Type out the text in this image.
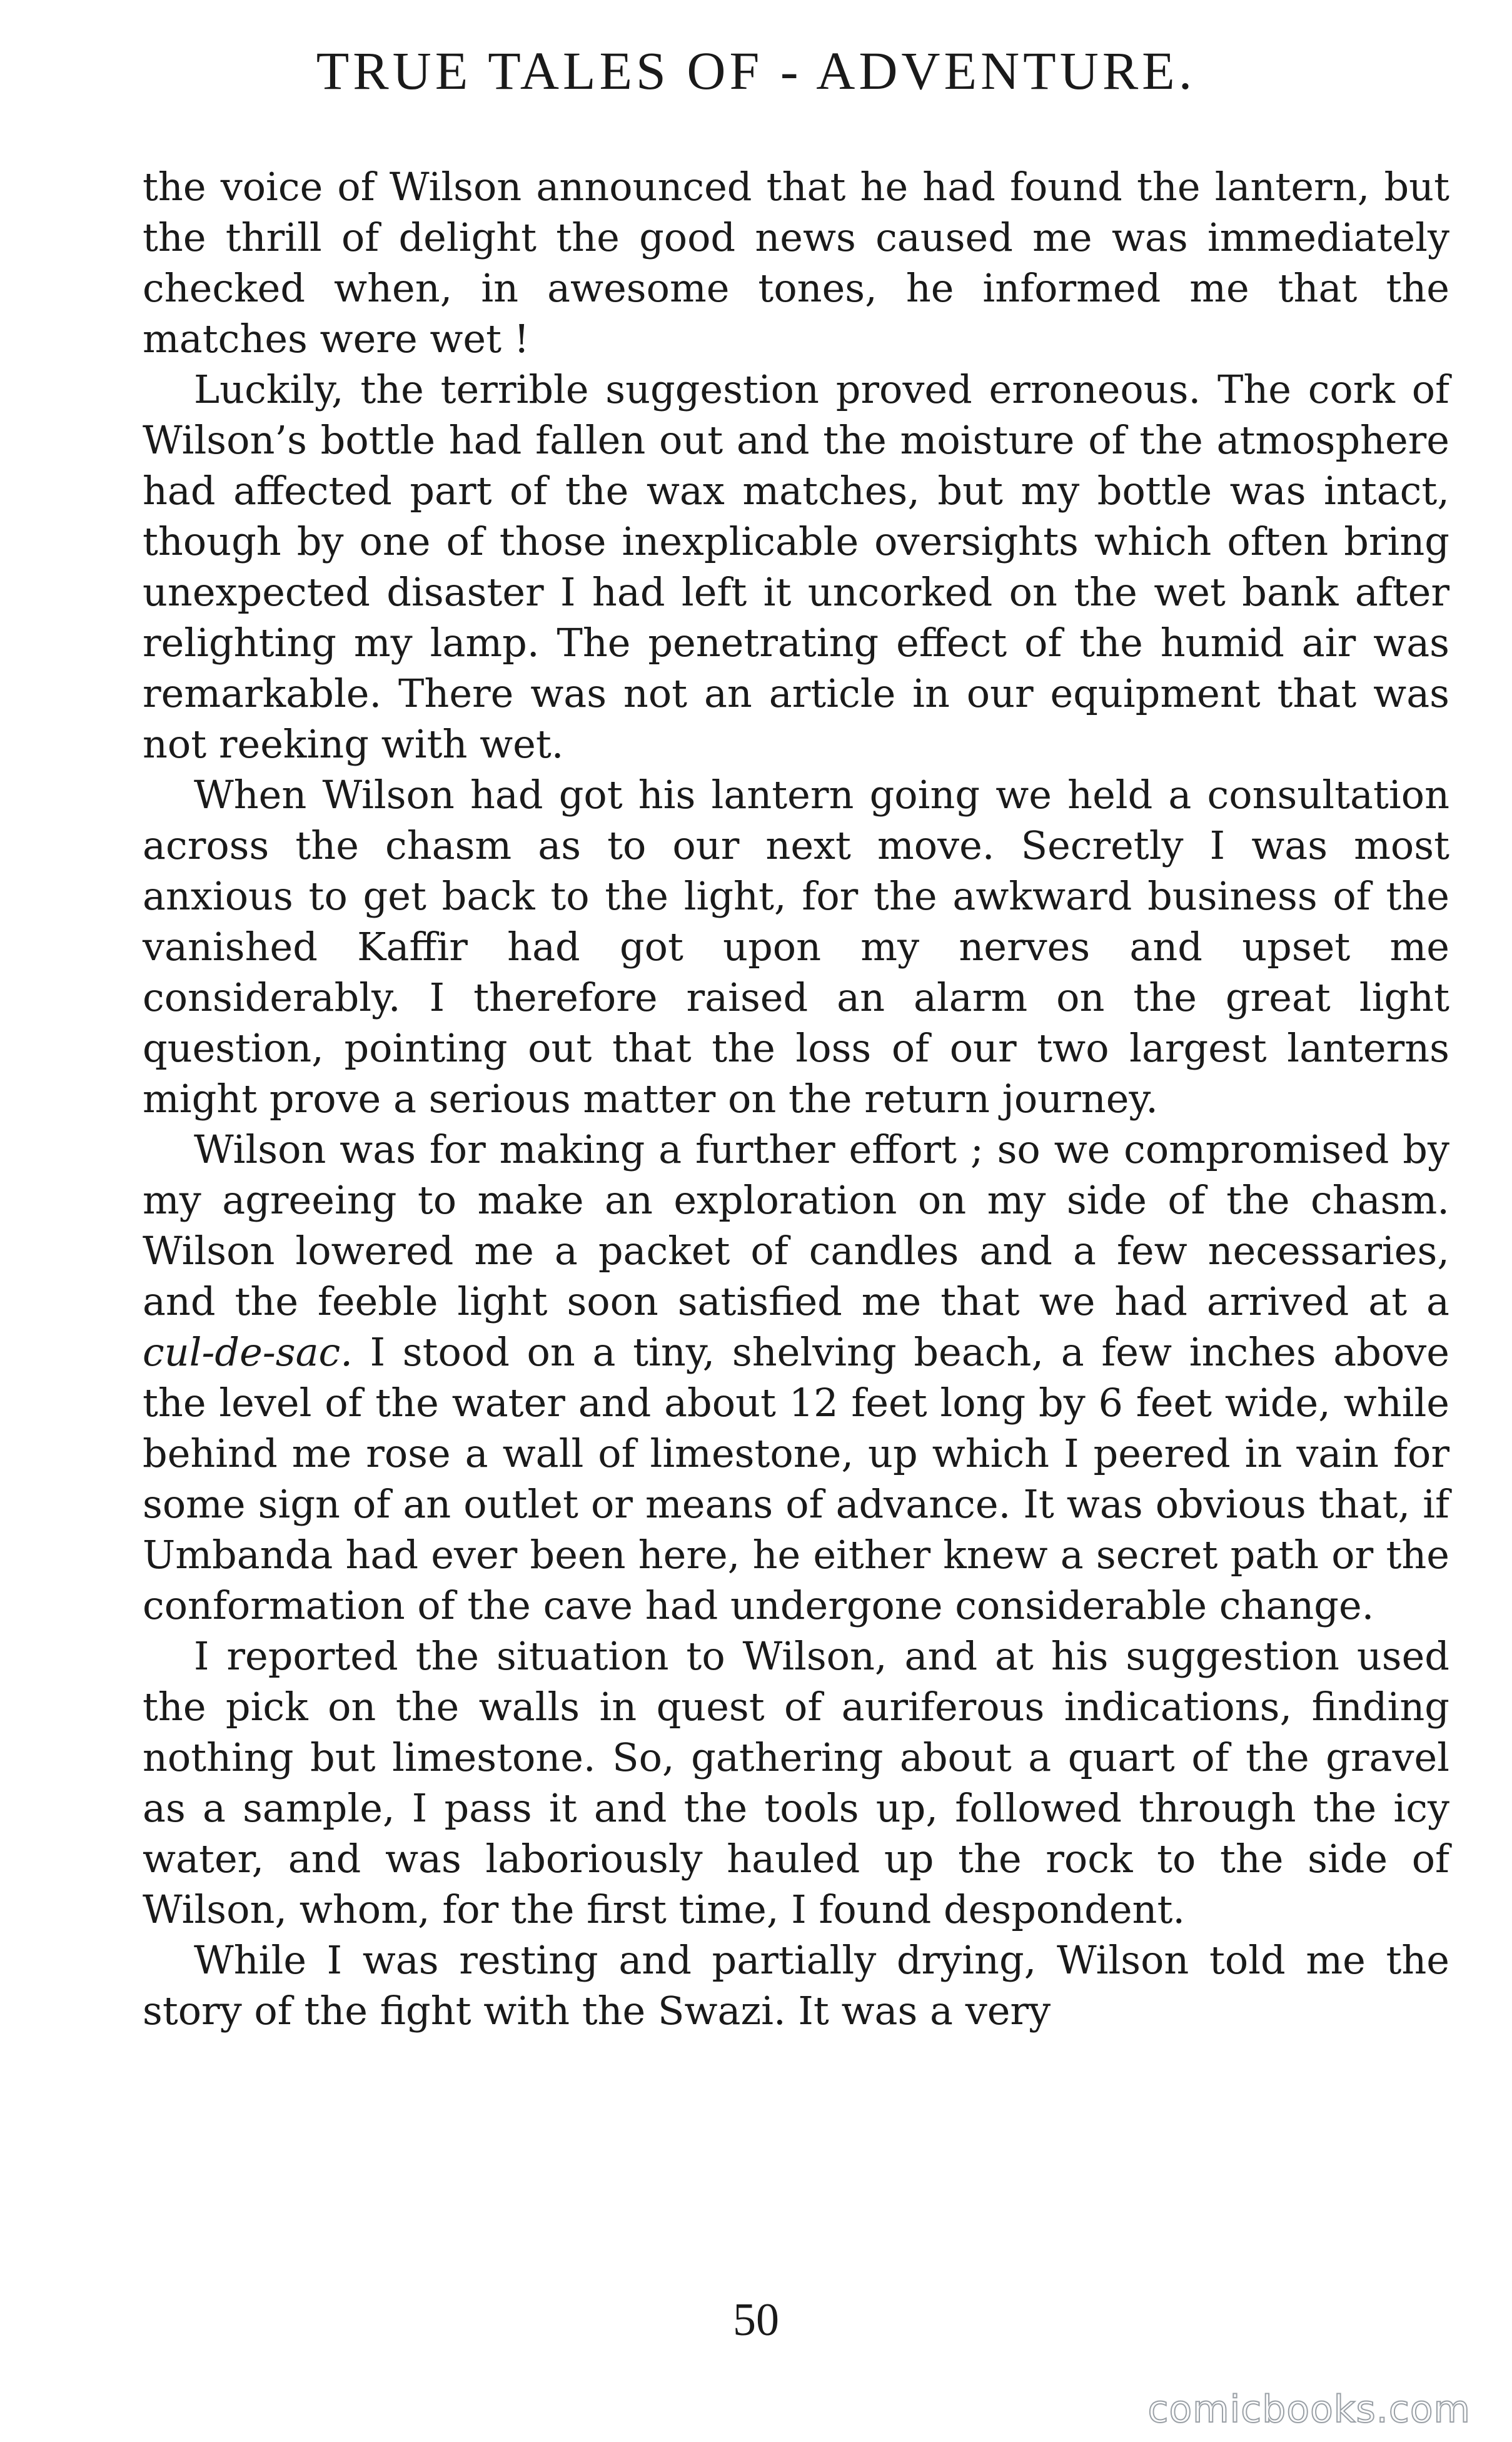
TRUE TALES OF - ADVENTURE.

the voice of Wilson announced that he had found the lantern, but the thrill of delight the good news caused me was immediately checked when, in awesome tones, he informed me that the matches were wet !

Luckily, the terrible suggestion proved erroneous. The cork of Wilson’s bottle had fallen out and the moisture of the atmosphere had affected part of the wax matches, but my bottle was intact, though by one of those inexplicable oversights which often bring unexpected disaster I had left it uncorked on the wet bank after relighting my lamp. The penetrating effect of the humid air was remarkable. There was not an article in our equipment that was not reeking with wet.

When Wilson had got his lantern going we held a consultation across the chasm as to our next move. Secretly I was most anxious to get back to the light, for the awkward business of the vanished Kaffir had got upon my nerves and upset me considerably. I therefore raised an alarm on the great light question, pointing out that the loss of our two largest lanterns might prove a serious matter on the return journey.

Wilson was for making a further effort ; so we compromised by my agreeing to make an exploration on my side of the chasm. Wilson lowered me a packet of candles and a few necessaries, and the feeble light soon satisfied me that we had arrived at a cul-de-sac. I stood on a tiny, shelving beach, a few inches above the level of the water and about 12 feet long by 6 feet wide, while behind me rose a wall of limestone, up which I peered in vain for some sign of an outlet or means of advance. It was obvious that, if Umbanda had ever been here, he either knew a secret path or the conformation of the cave had undergone considerable change.

I reported the situation to Wilson, and at his suggestion used the pick on the walls in quest of auriferous indications, finding nothing but limestone. So, gathering about a quart of the gravel as a sample, I pass it and the tools up, followed through the icy water, and was laboriously hauled up the rock to the side of Wilson, whom, for the first time, I found despondent.

While I was resting and partially drying, Wilson told me the story of the fight with the Swazi. It was a very

50
comicbooks.com
